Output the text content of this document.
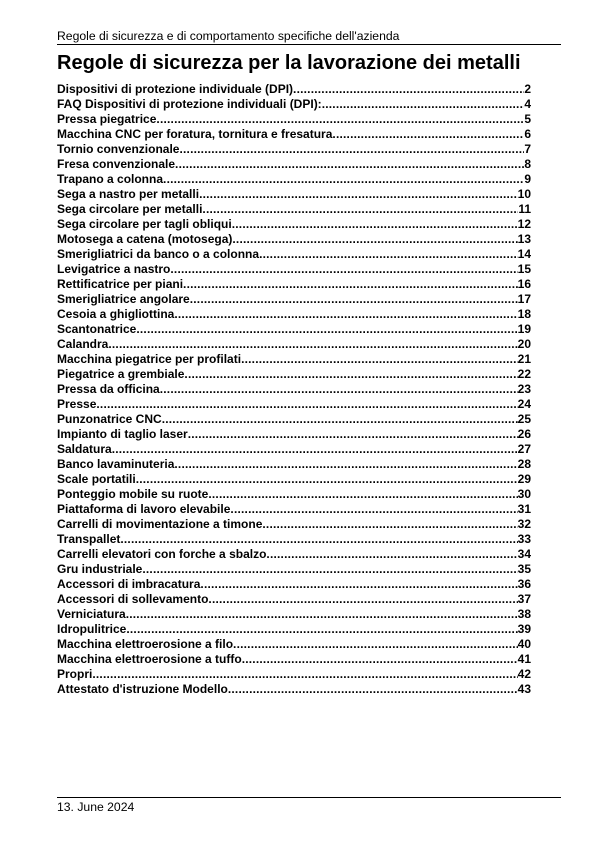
Regole di sicurezza e di comportamento specifiche dell'azienda
Regole di sicurezza per la lavorazione dei metalli
Dispositivi di protezione individuale (DPI) .....	2
FAQ Dispositivi di protezione individuali (DPI): .....	4
Pressa piegatrice .....	5
Macchina CNC per foratura, tornitura e fresatura .....	6
Tornio convenzionale .....	7
Fresa convenzionale .....	8
Trapano a colonna .....	9
Sega a nastro per metalli .....	10
Sega circolare per metalli .....	11
Sega circolare per tagli obliqui .....	12
Motosega a catena (motosega) .....	13
Smerigliatrici da banco o a colonna .....	14
Levigatrice a nastro .....	15
Rettificatrice per piani .....	16
Smerigliatrice angolare .....	17
Cesoia a ghigliottina .....	18
Scantonatrice .....	19
Calandra .....	20
Macchina piegatrice per profilati .....	21
Piegatrice a grembiale .....	22
Pressa da officina .....	23
Presse .....	24
Punzonatrice CNC .....	25
Impianto di taglio laser .....	26
Saldatura .....	27
Banco lavaminuteria .....	28
Scale portatili .....	29
Ponteggio mobile su ruote .....	30
Piattaforma di lavoro elevabile .....	31
Carrelli di movimentazione a timone .....	32
Transpallet .....	33
Carrelli elevatori con forche a sbalzo .....	34
Gru industriale .....	35
Accessori di imbracatura .....	36
Accessori di sollevamento .....	37
Verniciatura .....	38
Idropulitrice .....	39
Macchina elettroerosione a filo .....	40
Macchina elettroerosione a tuffo .....	41
Propri .....	42
Attestato d'istruzione Modello .....	43
13. June 2024
